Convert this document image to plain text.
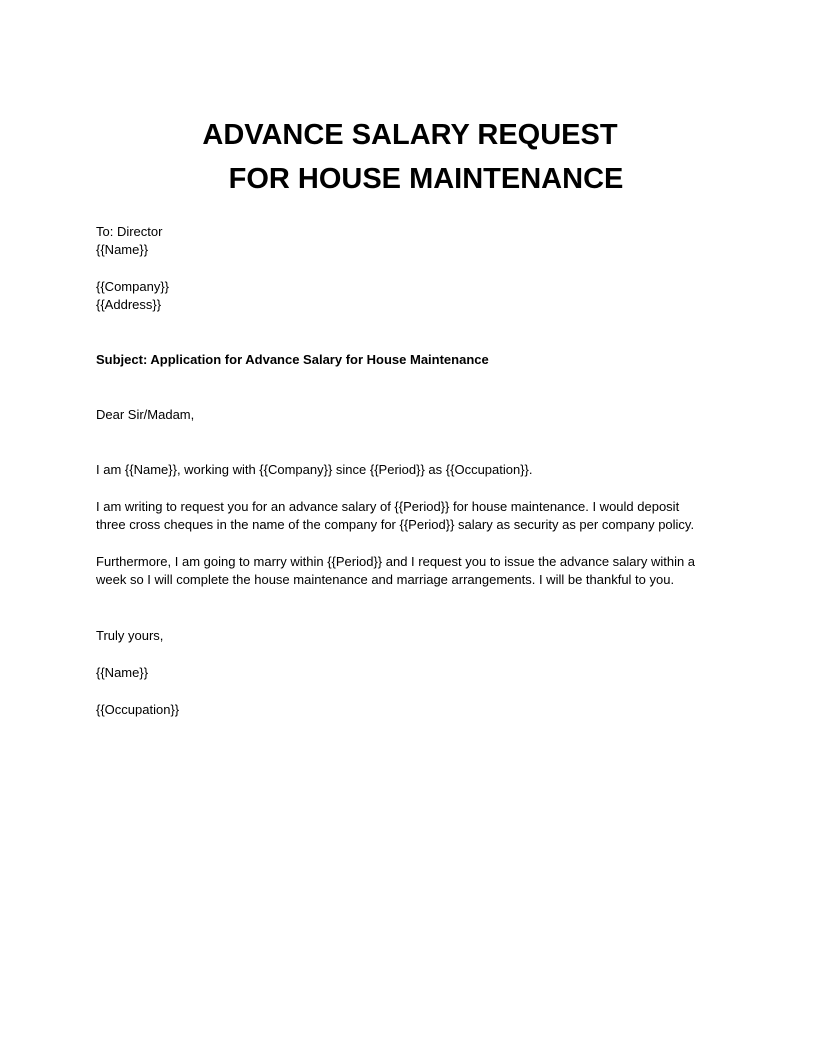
ADVANCE SALARY REQUEST
FOR HOUSE MAINTENANCE
To: Director
{{Name}}
{{Company}}
{{Address}}
Subject: Application for Advance Salary for House Maintenance
Dear Sir/Madam,
I am {{Name}}, working with {{Company}} since {{Period}} as {{Occupation}}.
I am writing to request you for an advance salary of {{Period}} for house maintenance. I would deposit
three cross cheques in the name of the company for {{Period}} salary as security as per company policy.
Furthermore, I am going to marry within {{Period}} and I request you to issue the advance salary within a
week so I will complete the house maintenance and marriage arrangements. I will be thankful to you.
Truly yours,
{{Name}}
{{Occupation}}
